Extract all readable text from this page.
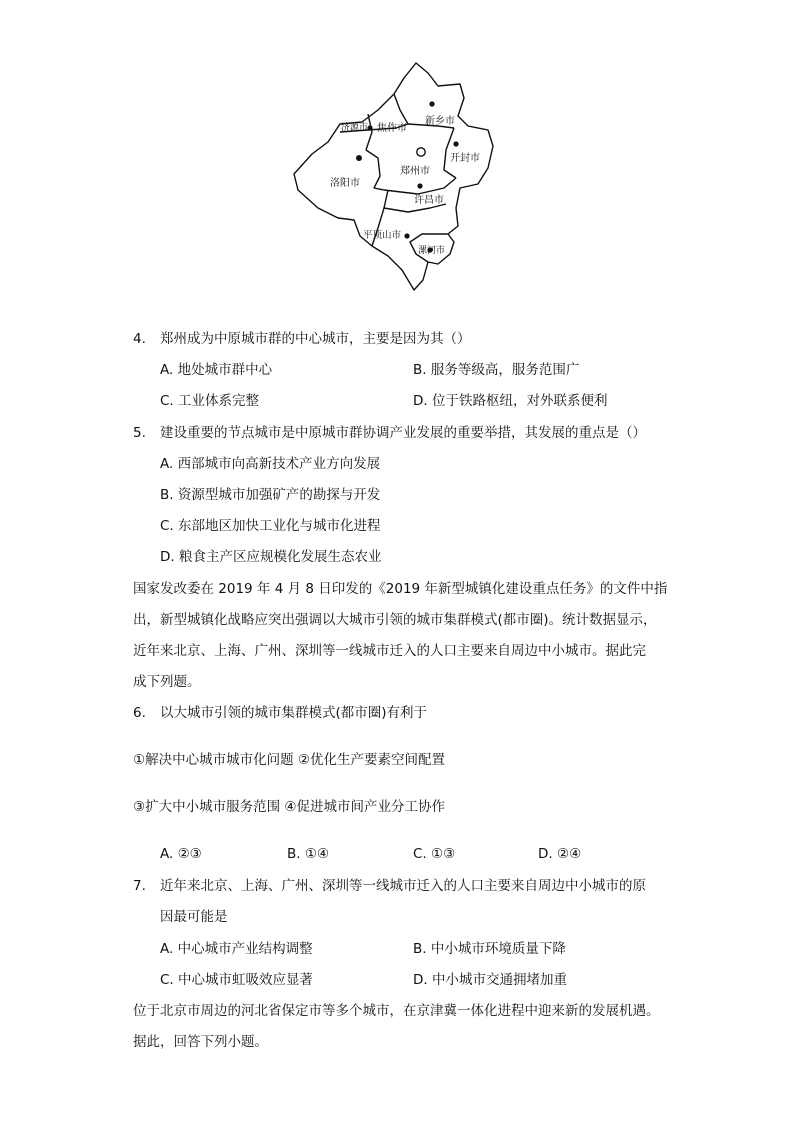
济源市 焦作市
新乡市
洛阳市
郑州市
开封市
许昌市
平顶山市
漯河市
4. 郑州成为中原城市群的中心城市，主要是因为其（）
A. 地处城市群中心	B. 服务等级高，服务范围广
C. 工业体系完整	D. 位于铁路枢纽，对外联系便利
5. 建设重要的节点城市是中原城市群协调产业发展的重要举措，其发展的重点是（）
A. 西部城市向高新技术产业方向发展
B. 资源型城市加强矿产的勘探与开发
C. 东部地区加快工业化与城市化进程
D. 粮食主产区应规模化发展生态农业
国家发改委在 2019 年 4 月 8 日印发的《2019 年新型城镇化建设重点任务》的文件中指
出，新型城镇化战略应突出强调以大城市引领的城市集群模式(都市圈)。统计数据显示，
近年来北京、上海、广州、深圳等一线城市迁入的人口主要来自周边中小城市。据此完
成下列题。
6. 以大城市引领的城市集群模式(都市圈)有利于
①解决中心城市城市化问题 ②优化生产要素空间配置
③扩大中小城市服务范围 ④促进城市间产业分工协作
A. ②③	B. ①④	C. ①③	D. ②④
7. 近年来北京、上海、广州、深圳等一线城市迁入的人口主要来自周边中小城市的原
因最可能是
A. 中心城市产业结构调整	B. 中小城市环境质量下降
C. 中心城市虹吸效应显著	D. 中小城市交通拥堵加重
位于北京市周边的河北省保定市等多个城市，在京津冀一体化进程中迎来新的发展机遇。
据此，回答下列小题。
